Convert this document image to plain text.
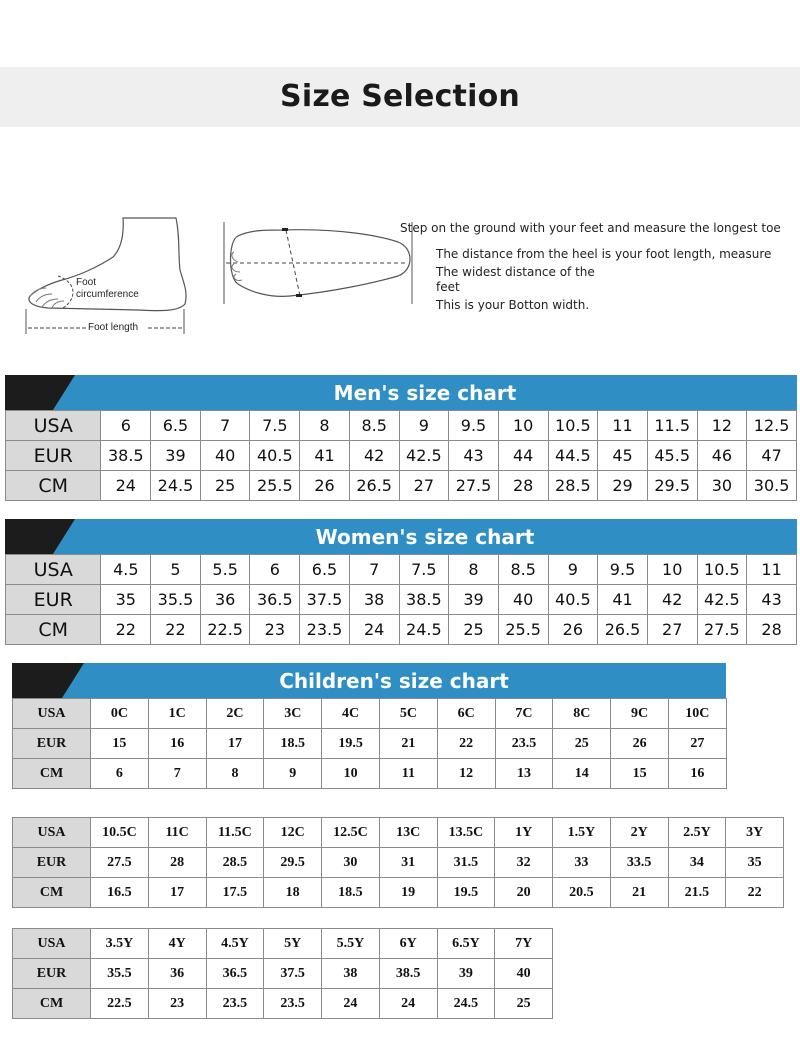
Size Selection
Foot
circumference
Foot length
Step on the ground with your feet and measure the longest toe
The distance from the heel is your foot length, measure
The widest distance of the
feet
This is your Botton width.
Men's size chart
USA	6	6.5	7	7.5	8	8.5	9	9.5	10	10.5	11	11.5	12	12.5
EUR	38.5	39	40	40.5	41	42	42.5	43	44	44.5	45	45.5	46	47
CM	24	24.5	25	25.5	26	26.5	27	27.5	28	28.5	29	29.5	30	30.5
Women's size chart
USA	4.5	5	5.5	6	6.5	7	7.5	8	8.5	9	9.5	10	10.5	11
EUR	35	35.5	36	36.5	37.5	38	38.5	39	40	40.5	41	42	42.5	43
CM	22	22	22.5	23	23.5	24	24.5	25	25.5	26	26.5	27	27.5	28
Children's size chart
USA	0C	1C	2C	3C	4C	5C	6C	7C	8C	9C	10C
EUR	15	16	17	18.5	19.5	21	22	23.5	25	26	27
CM	6	7	8	9	10	11	12	13	14	15	16
USA	10.5C	11C	11.5C	12C	12.5C	13C	13.5C	1Y	1.5Y	2Y	2.5Y	3Y
EUR	27.5	28	28.5	29.5	30	31	31.5	32	33	33.5	34	35
CM	16.5	17	17.5	18	18.5	19	19.5	20	20.5	21	21.5	22
USA	3.5Y	4Y	4.5Y	5Y	5.5Y	6Y	6.5Y	7Y
EUR	35.5	36	36.5	37.5	38	38.5	39	40
CM	22.5	23	23.5	23.5	24	24	24.5	25
